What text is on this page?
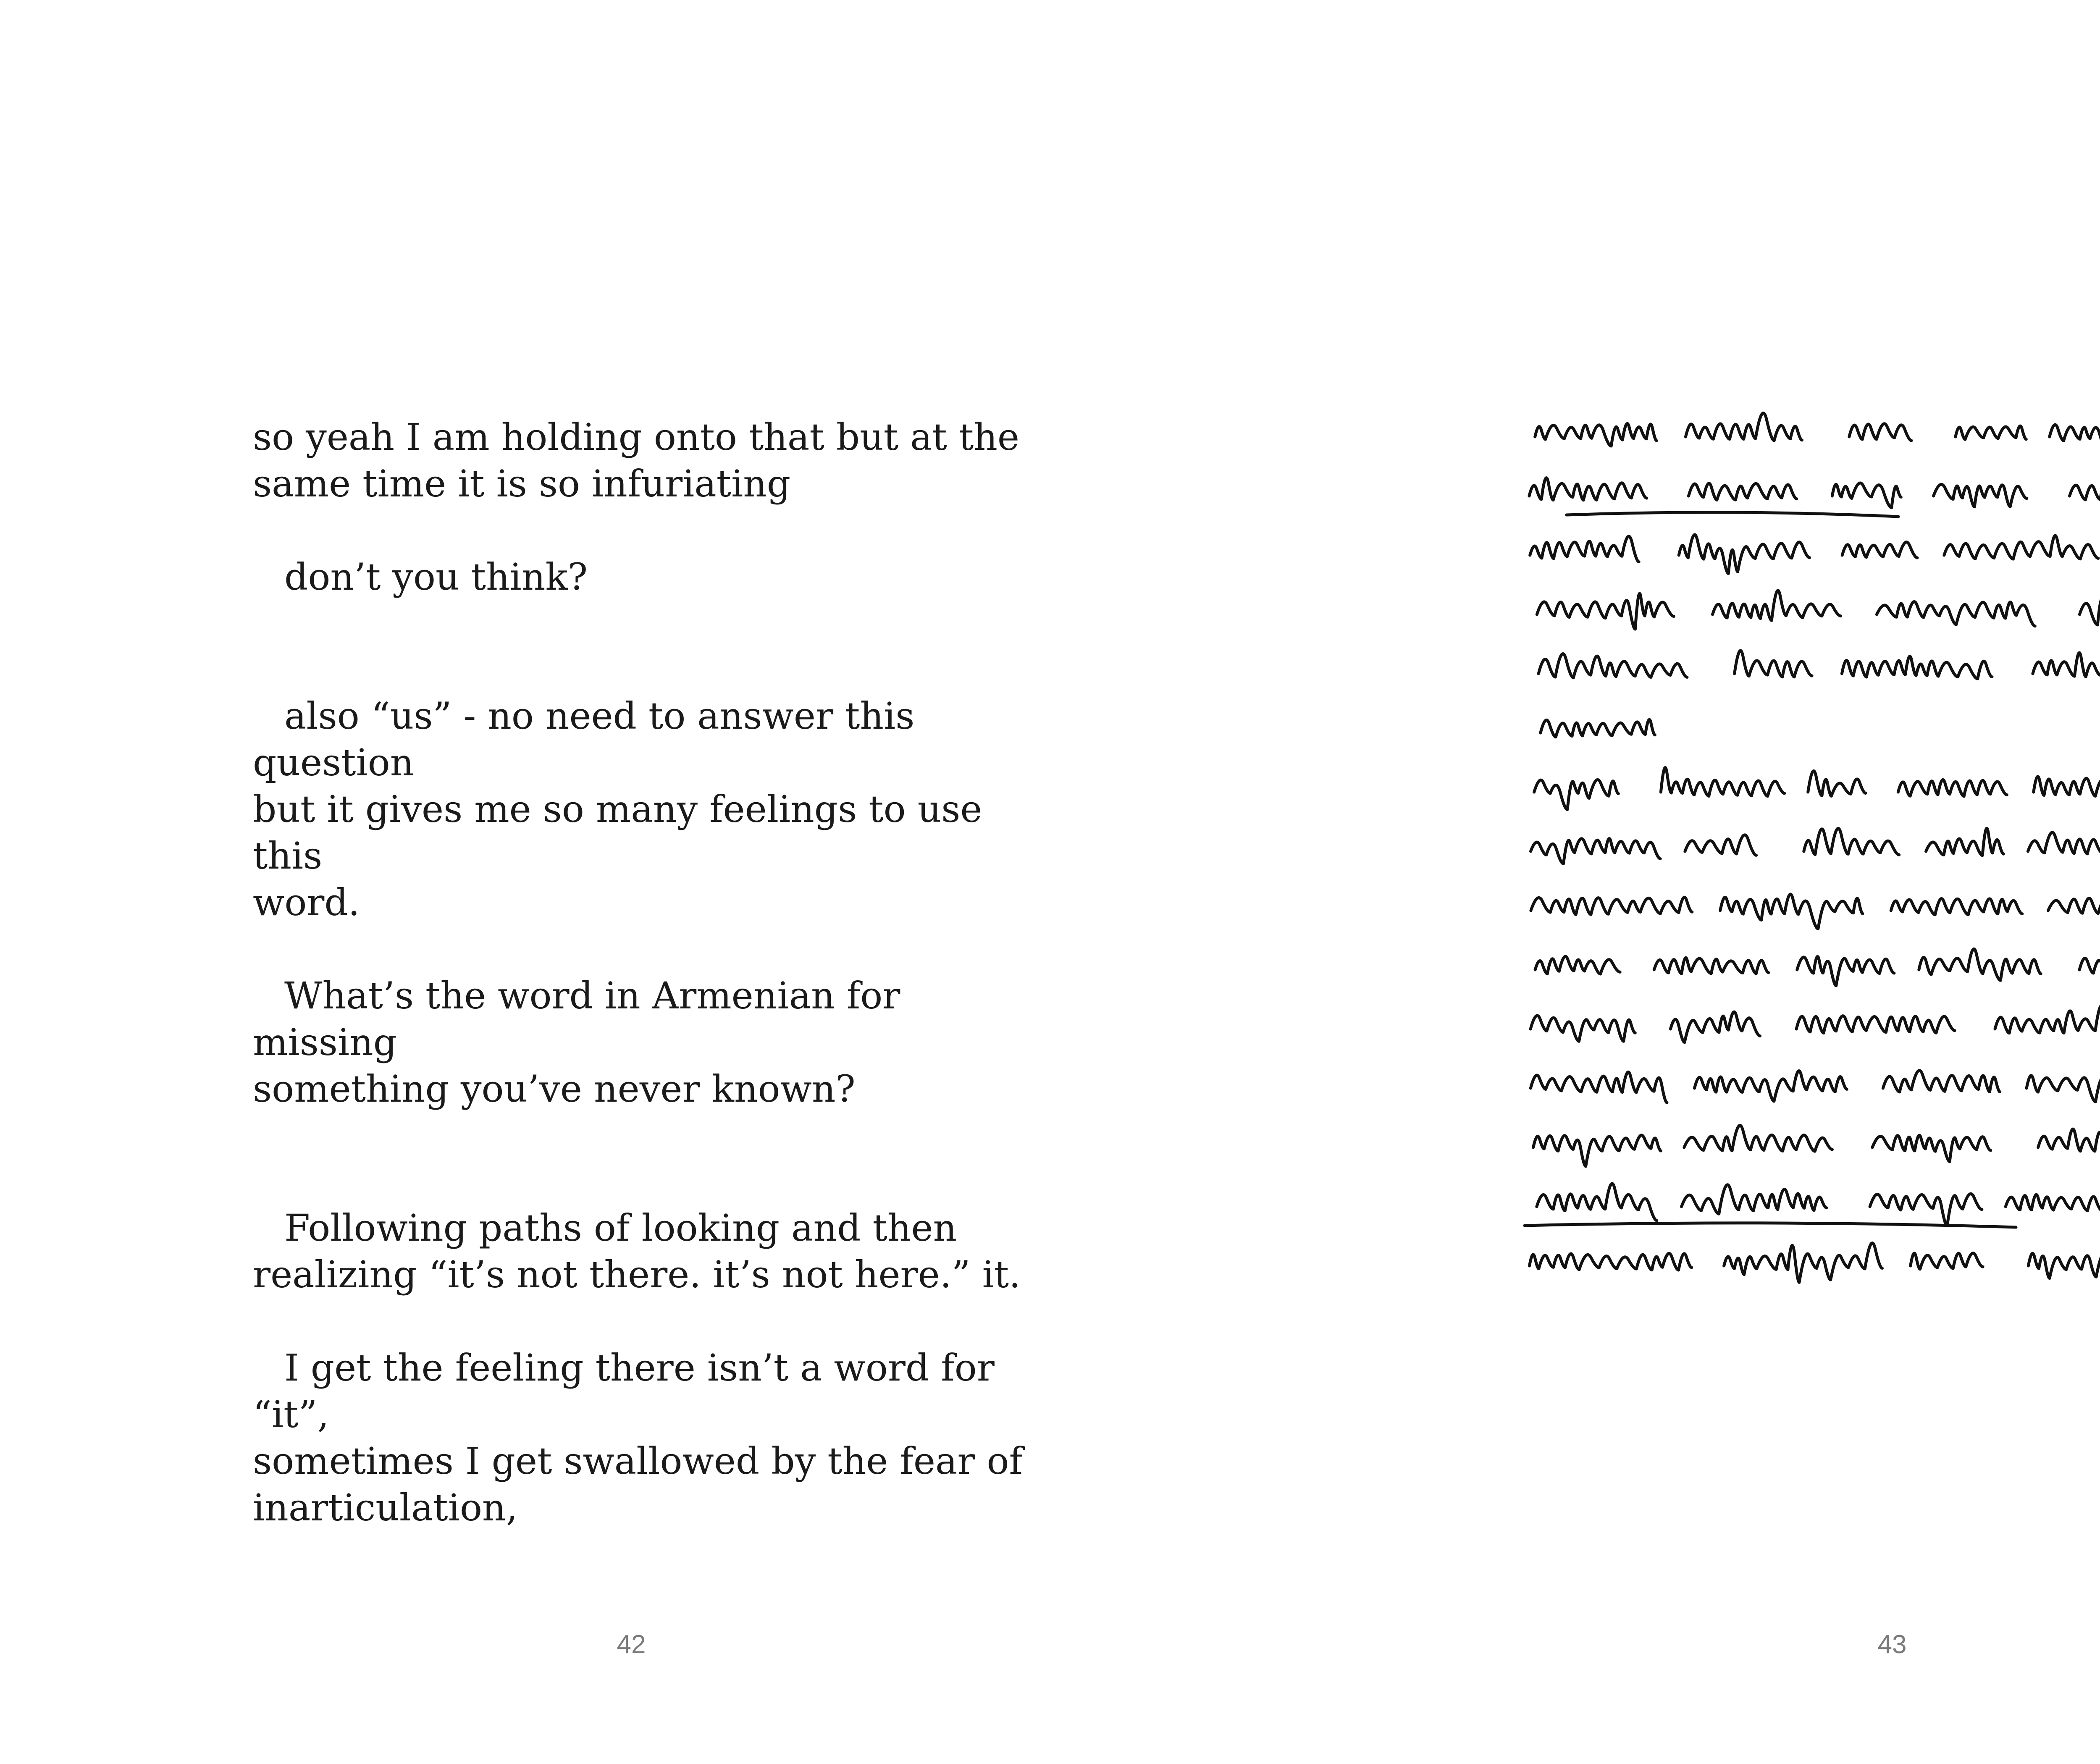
so yeah I am holding onto that but at the
same time it is so infuriating

don’t you think?

also “us” - no need to answer this question
but it gives me so many feelings to use this
word.

What’s the word in Armenian for missing
something you’ve never known?

Following paths of looking and then
realizing “it’s not there. it’s not here.” it.

I get the feeling there isn’t a word for “it”,
sometimes I get swallowed by the fear of
inarticulation,

42	43
